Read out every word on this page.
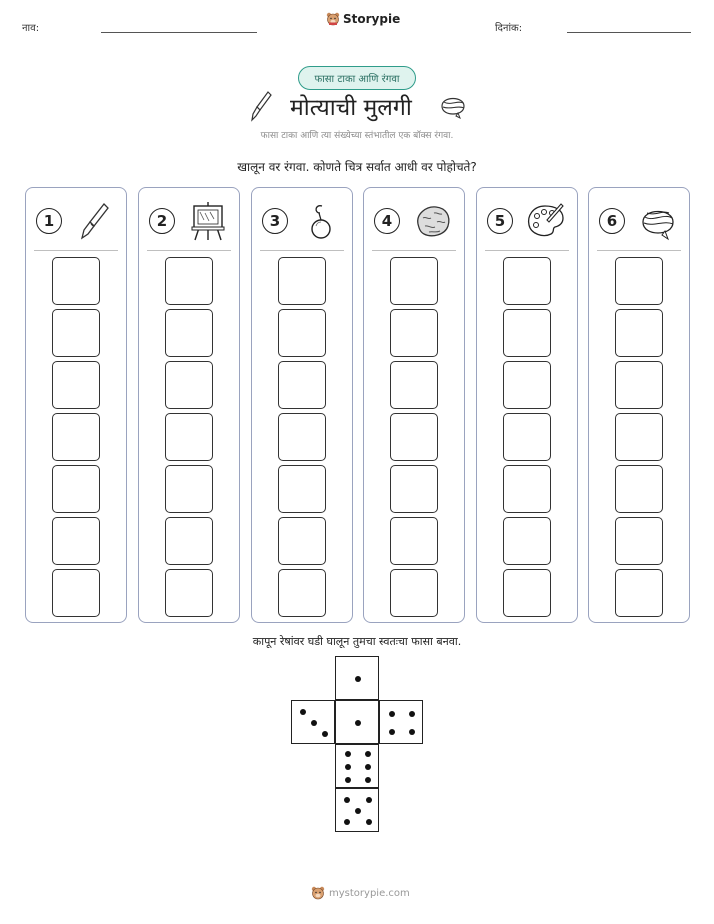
नाव:
Storypie
दिनांक:
फासा टाका आणि रंगवा
मोत्याची मुलगी
फासा टाका आणि त्या संख्येच्या स्तंभातील एक बॉक्स रंगवा.
खालून वर रंगवा. कोणते चित्र सर्वात आधी वर पोहोचते?
1	2	3	4	5	6
कापून रेषांवर घडी घालून तुमचा स्वतःचा फासा बनवा.
mystorypie.com
